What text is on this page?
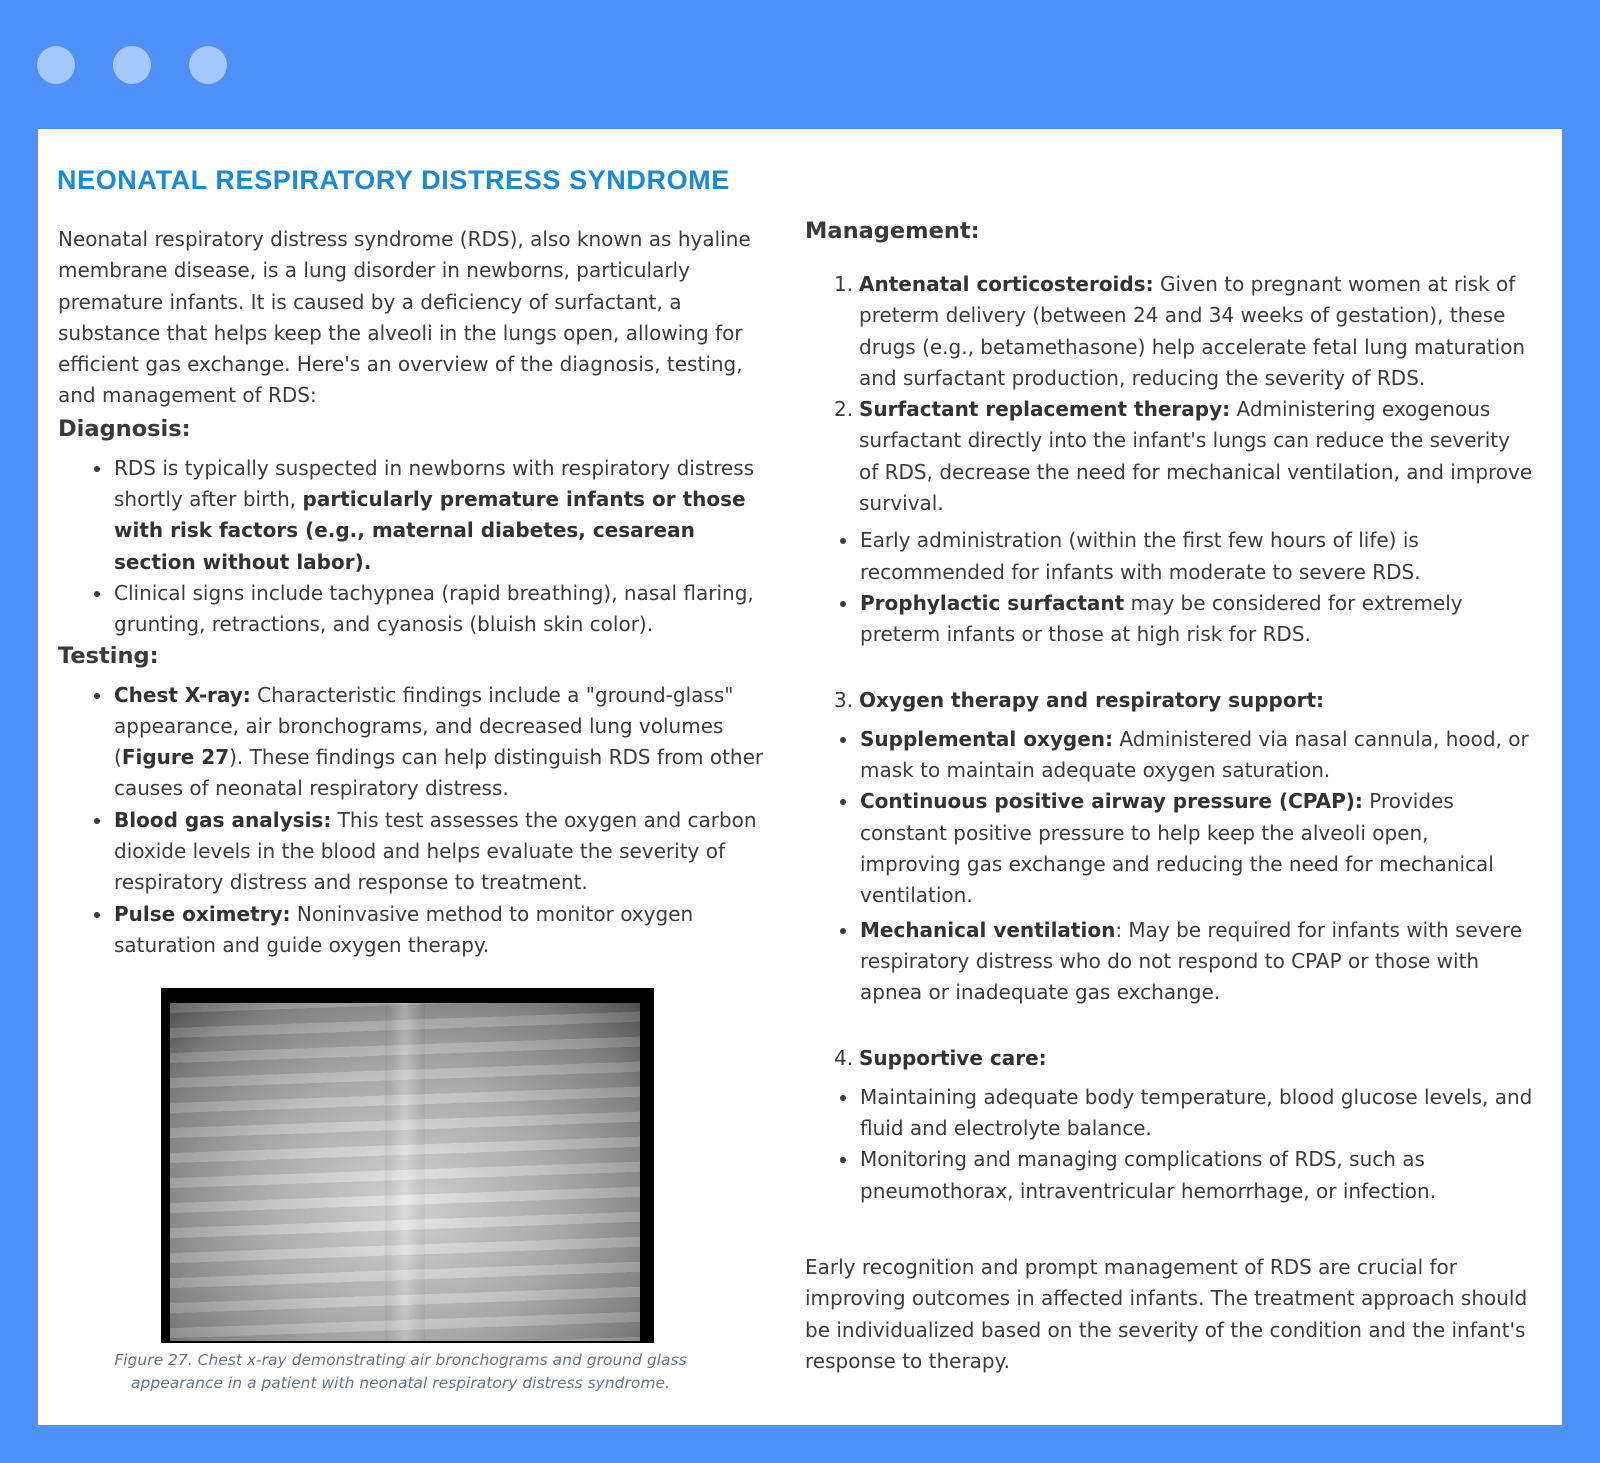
NEONATAL RESPIRATORY DISTRESS SYNDROME

Neonatal respiratory distress syndrome (RDS), also known as hyaline membrane disease, is a lung disorder in newborns, particularly premature infants. It is caused by a deficiency of surfactant, a substance that helps keep the alveoli in the lungs open, allowing for efficient gas exchange. Here's an overview of the diagnosis, testing, and management of RDS:

Diagnosis:
• RDS is typically suspected in newborns with respiratory distress shortly after birth, particularly premature infants or those with risk factors (e.g., maternal diabetes, cesarean section without labor).
• Clinical signs include tachypnea (rapid breathing), nasal flaring, grunting, retractions, and cyanosis (bluish skin color).
Testing:
• Chest X-ray: Characteristic findings include a "ground-glass" appearance, air bronchograms, and decreased lung volumes (Figure 27). These findings can help distinguish RDS from other causes of neonatal respiratory distress.
• Blood gas analysis: This test assesses the oxygen and carbon dioxide levels in the blood and helps evaluate the severity of respiratory distress and response to treatment.
• Pulse oximetry: Noninvasive method to monitor oxygen saturation and guide oxygen therapy.
Figure 27. Chest x-ray demonstrating air bronchograms and ground glass appearance in a patient with neonatal respiratory distress syndrome.
Management:
1. Antenatal corticosteroids: Given to pregnant women at risk of preterm delivery (between 24 and 34 weeks of gestation), these drugs (e.g., betamethasone) help accelerate fetal lung maturation and surfactant production, reducing the severity of RDS.
2. Surfactant replacement therapy: Administering exogenous surfactant directly into the infant's lungs can reduce the severity of RDS, decrease the need for mechanical ventilation, and improve survival.
• Early administration (within the first few hours of life) is recommended for infants with moderate to severe RDS.
• Prophylactic surfactant may be considered for extremely preterm infants or those at high risk for RDS.
3. Oxygen therapy and respiratory support:
• Supplemental oxygen: Administered via nasal cannula, hood, or mask to maintain adequate oxygen saturation.
• Continuous positive airway pressure (CPAP): Provides constant positive pressure to help keep the alveoli open, improving gas exchange and reducing the need for mechanical ventilation.
• Mechanical ventilation: May be required for infants with severe respiratory distress who do not respond to CPAP or those with apnea or inadequate gas exchange.
4. Supportive care:
• Maintaining adequate body temperature, blood glucose levels, and fluid and electrolyte balance.
• Monitoring and managing complications of RDS, such as pneumothorax, intraventricular hemorrhage, or infection.

Early recognition and prompt management of RDS are crucial for improving outcomes in affected infants. The treatment approach should be individualized based on the severity of the condition and the infant's response to therapy.
